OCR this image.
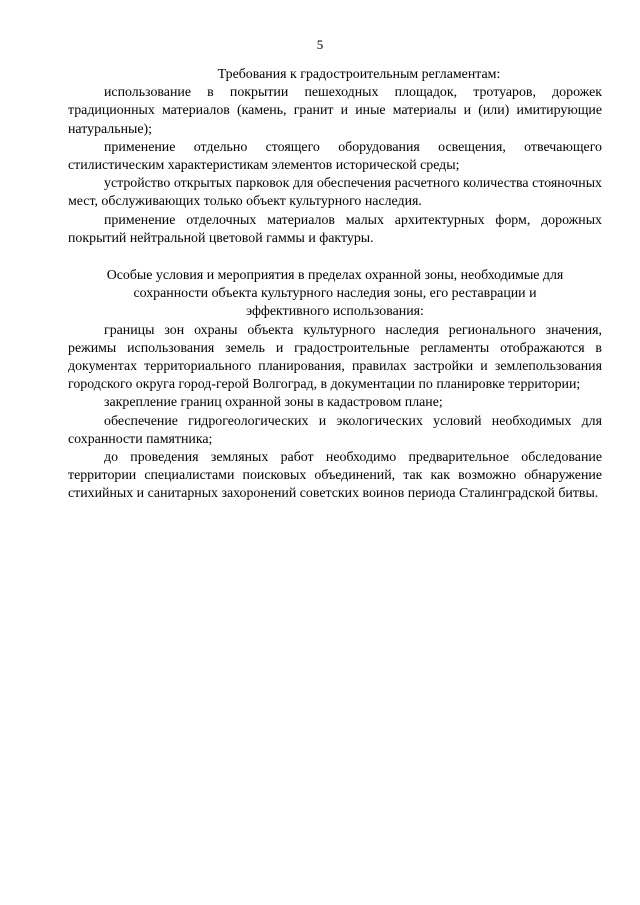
5

Требования к градостроительным регламентам:

использование в покрытии пешеходных площадок, тротуаров, дорожек традиционных материалов (камень, гранит и иные материалы и (или) имитирующие натуральные);

применение отдельно стоящего оборудования освещения, отвечающего стилистическим характеристикам элементов исторической среды;

устройство открытых парковок для обеспечения расчетного количества стояночных мест, обслуживающих только объект культурного наследия.

применение отделочных материалов малых архитектурных форм, дорожных покрытий нейтральной цветовой гаммы и фактуры.

Особые условия и мероприятия в пределах охранной зоны, необходимые для

сохранности объекта культурного наследия зоны, его реставрации и

эффективного использования:

границы зон охраны объекта культурного наследия регионального значения, режимы использования земель и градостроительные регламенты отображаются в документах территориального планирования, правилах застройки и землепользования городского округа город-герой Волгоград, в документации по планировке территории;

закрепление границ охранной зоны в кадастровом плане;

обеспечение гидрогеологических и экологических условий необходимых для сохранности памятника;

до проведения земляных работ необходимо предварительное обследование территории специалистами поисковых объединений, так как возможно обнаружение стихийных и санитарных захоронений советских воинов периода Сталинградской битвы.
